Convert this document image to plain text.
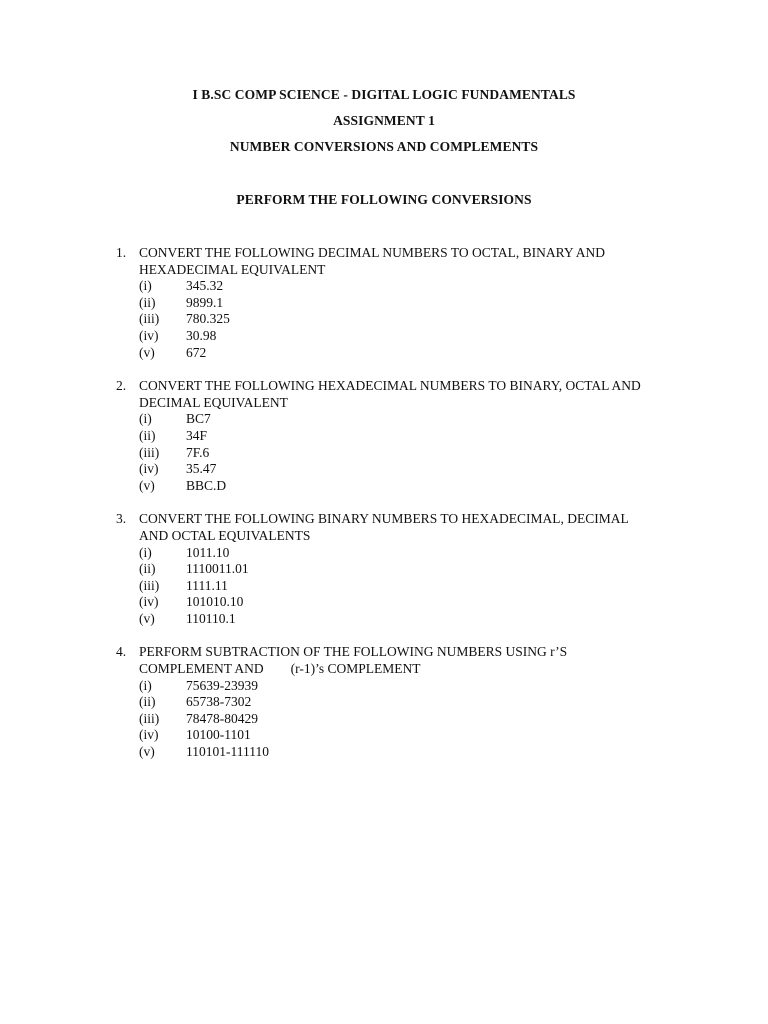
I B.SC COMP SCIENCE - DIGITAL LOGIC FUNDAMENTALS
ASSIGNMENT 1
NUMBER CONVERSIONS AND COMPLEMENTS
PERFORM THE FOLLOWING CONVERSIONS
1. CONVERT THE FOLLOWING DECIMAL NUMBERS TO OCTAL, BINARY AND
HEXADECIMAL EQUIVALENT
(i)	345.32
(ii) 9899.1
(iii) 780.325
(iv) 30.98
(v) 672
2. CONVERT THE FOLLOWING HEXADECIMAL NUMBERS TO BINARY, OCTAL AND
DECIMAL EQUIVALENT
(i)	BC7
(ii) 34F
(iii) 7F.6
(iv) 35.47
(v) BBC.D
3. CONVERT THE FOLLOWING BINARY NUMBERS TO HEXADECIMAL, DECIMAL
AND OCTAL EQUIVALENTS
(i)	1011.10
(ii) 1110011.01
(iii) 1111.11
(iv) 101010.10
(v) 110110.1
4. PERFORM SUBTRACTION OF THE FOLLOWING NUMBERS USING r’S
COMPLEMENT AND        (r-1)’s COMPLEMENT
(i)	75639-23939
(ii) 65738-7302
(iii) 78478-80429
(iv) 10100-1101
(v) 110101-111110
